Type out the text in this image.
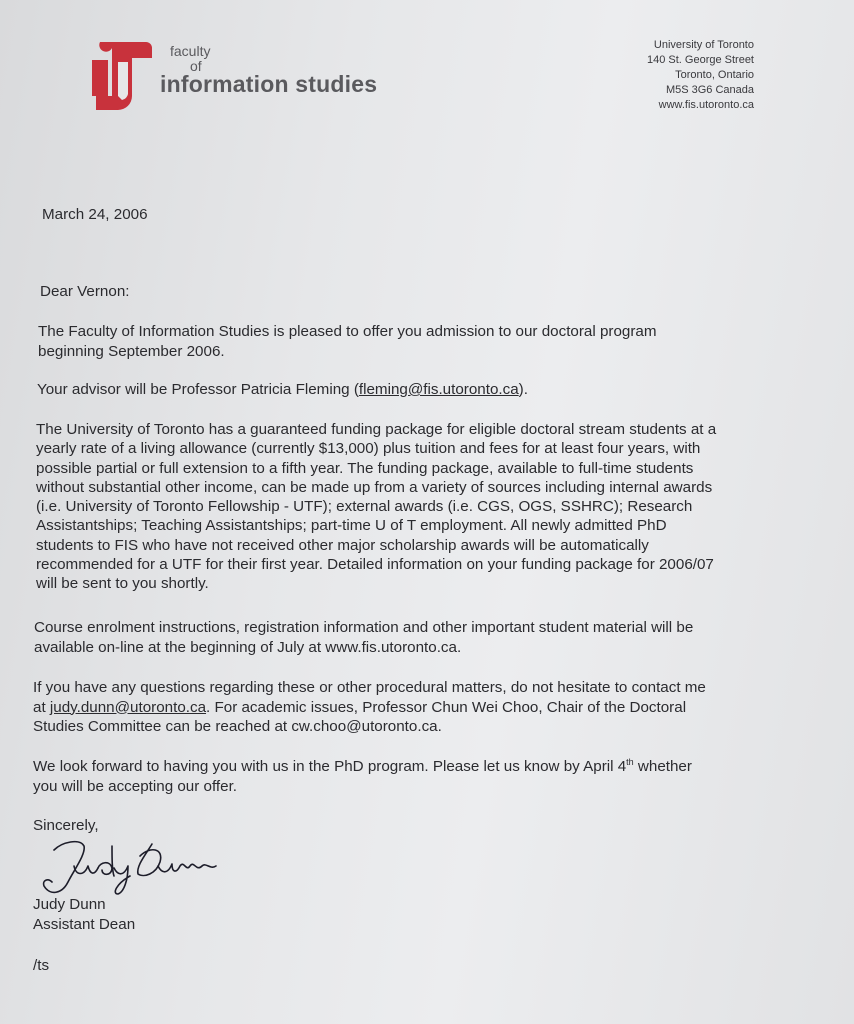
faculty
of
information studies
University of Toronto
140 St. George Street
Toronto, Ontario
M5S 3G6 Canada
www.fis.utoronto.ca
March 24, 2006
Dear Vernon:
The Faculty of Information Studies is pleased to offer you admission to our doctoral program
beginning September 2006.
Your advisor will be Professor Patricia Fleming (fleming@fis.utoronto.ca).
The University of Toronto has a guaranteed funding package for eligible doctoral stream students at a
yearly rate of a living allowance (currently $13,000) plus tuition and fees for at least four years, with
possible partial or full extension to a fifth year. The funding package, available to full-time students
without substantial other income, can be made up from a variety of sources including internal awards
(i.e. University of Toronto Fellowship - UTF); external awards (i.e. CGS, OGS, SSHRC); Research
Assistantships; Teaching Assistantships; part-time U of T employment. All newly admitted PhD
students to FIS who have not received other major scholarship awards will be automatically
recommended for a UTF for their first year. Detailed information on your funding package for 2006/07
will be sent to you shortly.
Course enrolment instructions, registration information and other important student material will be
available on-line at the beginning of July at www.fis.utoronto.ca.
If you have any questions regarding these or other procedural matters, do not hesitate to contact me
at judy.dunn@utoronto.ca. For academic issues, Professor Chun Wei Choo, Chair of the Doctoral
Studies Committee can be reached at cw.choo@utoronto.ca.
We look forward to having you with us in the PhD program. Please let us know by April 4th whether
you will be accepting our offer.
Sincerely,
Judy Dunn
Assistant Dean
/ts
